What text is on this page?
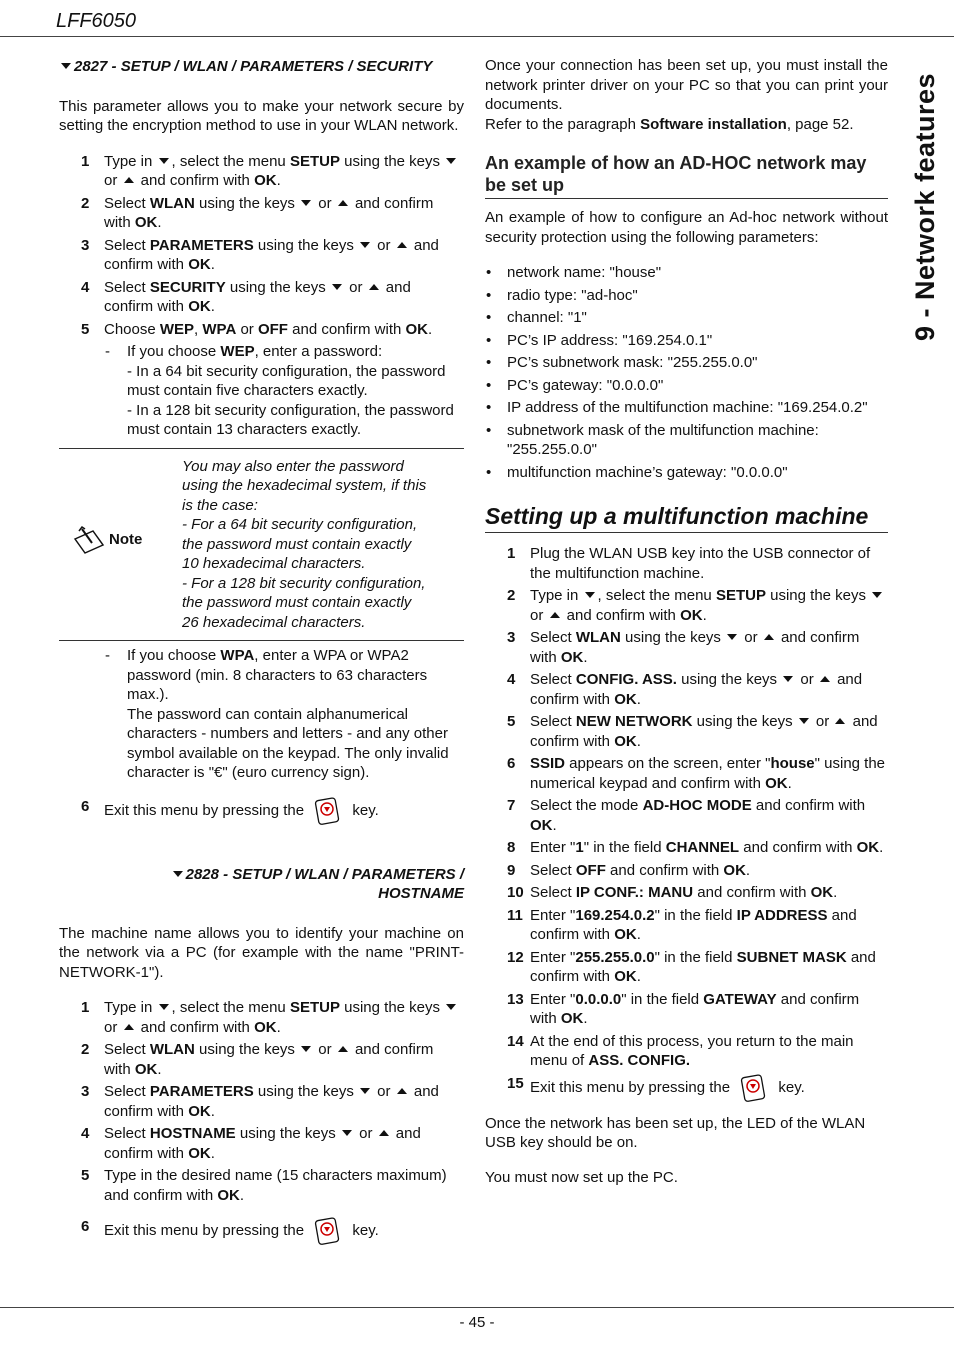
LFF6050
9 - Network features
2827 - SETUP / WLAN / PARAMETERS / SECURITY

This parameter allows you to make your network secure by setting the encryption method to use in your WLAN network.

1 Type in , select the menu SETUP using the keys  or  and confirm with OK.
2 Select WLAN using the keys  or  and confirm with OK.
3 Select PARAMETERS using the keys  or  and confirm with OK.
4 Select SECURITY using the keys  or  and confirm with OK.
5 Choose WEP, WPA or OFF and confirm with OK.
- If you choose WEP, enter a password:
- In a 64 bit security configuration, the password must contain five characters exactly.
- In a 128 bit security configuration, the password must contain 13 characters exactly.
Note
You may also enter the password
using the hexadecimal system, if this
is the case:
- For a 64 bit security configuration,
the password must contain exactly
10 hexadecimal characters.
- For a 128 bit security configuration,
the password must contain exactly
26 hexadecimal characters.
- If you choose WPA, enter a WPA or WPA2 password (min. 8 characters to 63 characters max.).
The password can contain alphanumerical characters - numbers and letters - and any other symbol available on the keypad. The only invalid character is "€" (euro currency sign).
6 Exit this menu by pressing the	key.
2828 - SETUP / WLAN / PARAMETERS /
HOSTNAME

The machine name allows you to identify your machine on the network via a PC (for example with the name "PRINT-NETWORK-1").

1 Type in , select the menu SETUP using the keys  or  and confirm with OK.
2 Select WLAN using the keys  or  and confirm with OK.
3 Select PARAMETERS using the keys  or  and confirm with OK.
4 Select HOSTNAME using the keys  or  and confirm with OK.
5 Type in the desired name (15 characters maximum) and confirm with OK.
6 Exit this menu by pressing the	key.

Once your connection has been set up, you must install the network printer driver on your PC so that you can print your documents.

Refer to the paragraph Software installation, page 52.

An example of how an AD-HOC network may be set up

An example of how to configure an Ad-hoc network without security protection using the following parameters:

• network name: "house"
• radio type: "ad-hoc"
• channel: "1"
• PC’s IP address: "169.254.0.1"
• PC’s subnetwork mask: "255.255.0.0"
• PC’s gateway: "0.0.0.0"
• IP address of the multifunction machine: "169.254.0.2"
• subnetwork mask of the multifunction machine: "255.255.0.0"
• multifunction machine’s gateway: "0.0.0.0"
Setting up a multifunction machine
1 Plug the WLAN USB key into the USB connector of the multifunction machine.
2 Type in , select the menu SETUP using the keys  or  and confirm with OK.
3 Select WLAN using the keys  or  and confirm with OK.
4 Select CONFIG. ASS. using the keys  or  and confirm with OK.
5 Select NEW NETWORK using the keys  or  and confirm with OK.
6 SSID appears on the screen, enter "house" using the numerical keypad and confirm with OK.
7 Select the mode AD-HOC MODE and confirm with OK.
8 Enter "1" in the field CHANNEL and confirm with OK.
9 Select OFF and confirm with OK.
10 Select IP CONF.: MANU and confirm with OK.
11 Enter "169.254.0.2" in the field IP ADDRESS and confirm with OK.
12 Enter "255.255.0.0" in the field SUBNET MASK and confirm with OK.
13 Enter "0.0.0.0" in the field GATEWAY and confirm with OK.
14 At the end of this process, you return to the main menu of ASS. CONFIG.
15 Exit this menu by pressing the	key.

Once the network has been set up, the LED of the WLAN USB key should be on.

You must now set up the PC.

- 45 -
